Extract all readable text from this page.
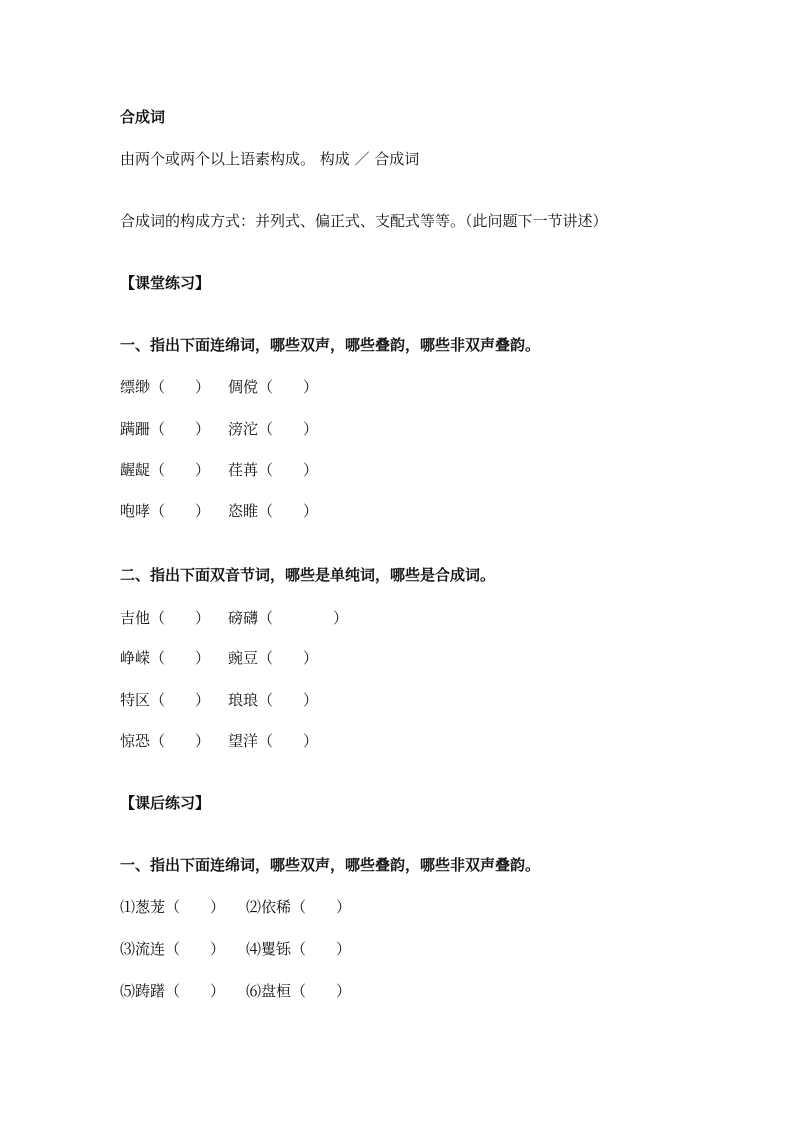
合成词
由两个或两个以上语素构成。 构成 ／ 合成词
合成词的构成方式：并列式、偏正式、支配式等等。（此问题下一节讲述）
【课堂练习】
一、指出下面连绵词，哪些双声，哪些叠韵，哪些非双声叠韵。
缥缈（　　） 倜傥（　　）
蹒跚（　　） 滂沱（　　）
龌龊（　　） 荏苒（　　）
咆哮（　　） 恣睢（　　）
二、指出下面双音节词，哪些是单纯词，哪些是合成词。
吉他（　　） 磅礴（　　　　）
峥嵘（　　） 豌豆（　　）
特区（　　） 琅琅（　　）
惊恐（　　） 望洋（　　）
【课后练习】
一、指出下面连绵词，哪些双声，哪些叠韵，哪些非双声叠韵。
⑴葱茏（　　） ⑵依稀（　　）
⑶流连（　　） ⑷矍铄（　　）
⑸踌躇（　　） ⑹盘桓（　　）
